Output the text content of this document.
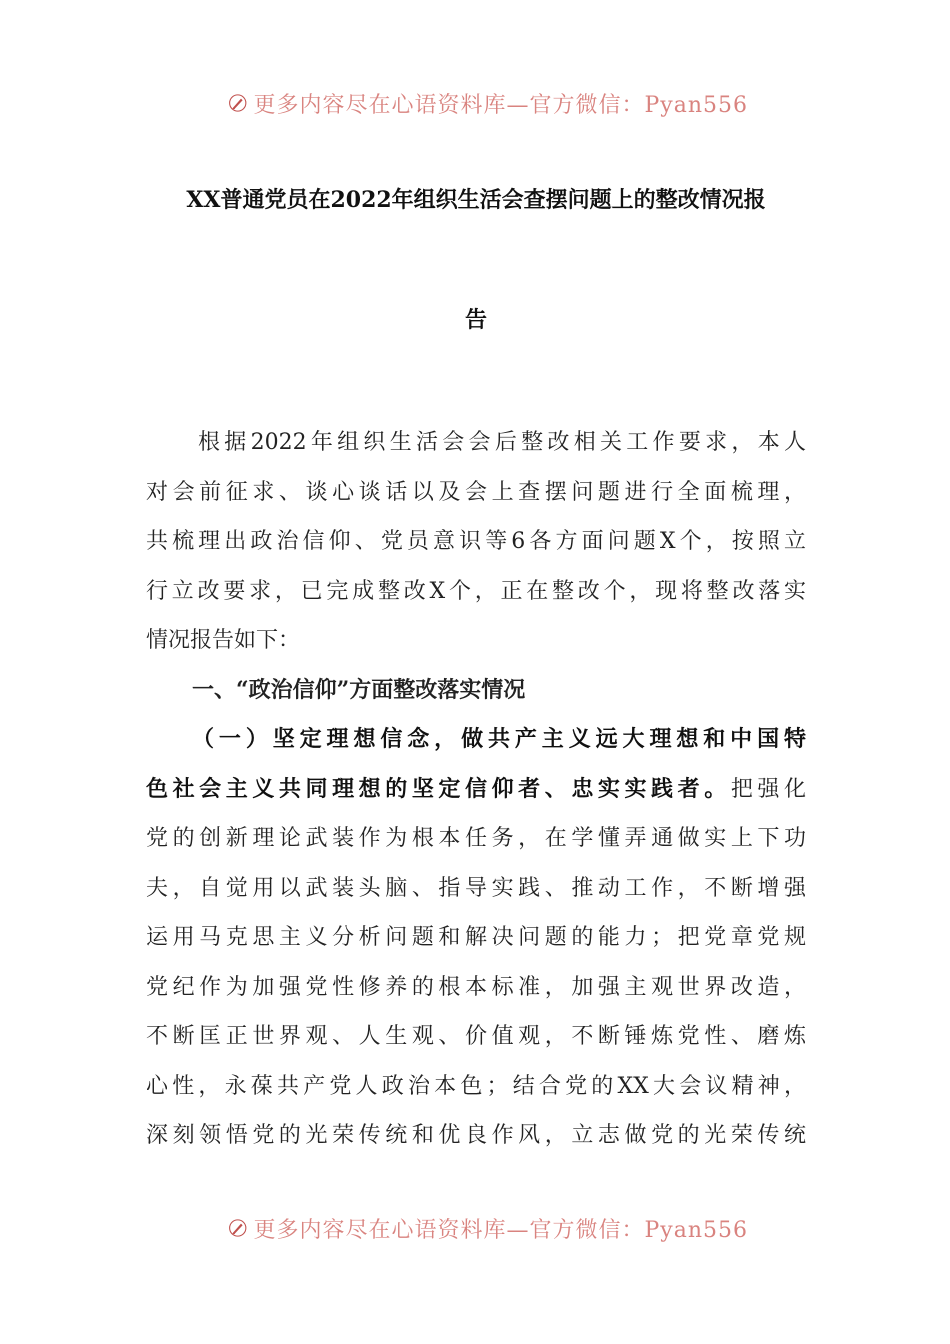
更多内容尽在心语资料库—官方微信：Pyan556
XX普通党员在2022年组织生活会查摆问题上的整改情况报
告
根据2022年组织生活会会后整改相关工作要求，本人
对会前征求、谈心谈话以及会上查摆问题进行全面梳理，
共梳理出政治信仰、党员意识等6各方面问题X个，按照立
行立改要求，已完成整改X个，正在整改个，现将整改落实
情况报告如下：
一、“政治信仰”方面整改落实情况
（一）坚定理想信念，做共产主义远大理想和中国特
色社会主义共同理想的坚定信仰者、忠实实践者。把强化
党的创新理论武装作为根本任务，在学懂弄通做实上下功
夫，自觉用以武装头脑、指导实践、推动工作，不断增强
运用马克思主义分析问题和解决问题的能力；把党章党规
党纪作为加强党性修养的根本标准，加强主观世界改造，
不断匡正世界观、人生观、价值观，不断锤炼党性、磨炼
心性，永葆共产党人政治本色；结合党的XX大会议精神，
深刻领悟党的光荣传统和优良作风，立志做党的光荣传统
更多内容尽在心语资料库—官方微信：Pyan556
